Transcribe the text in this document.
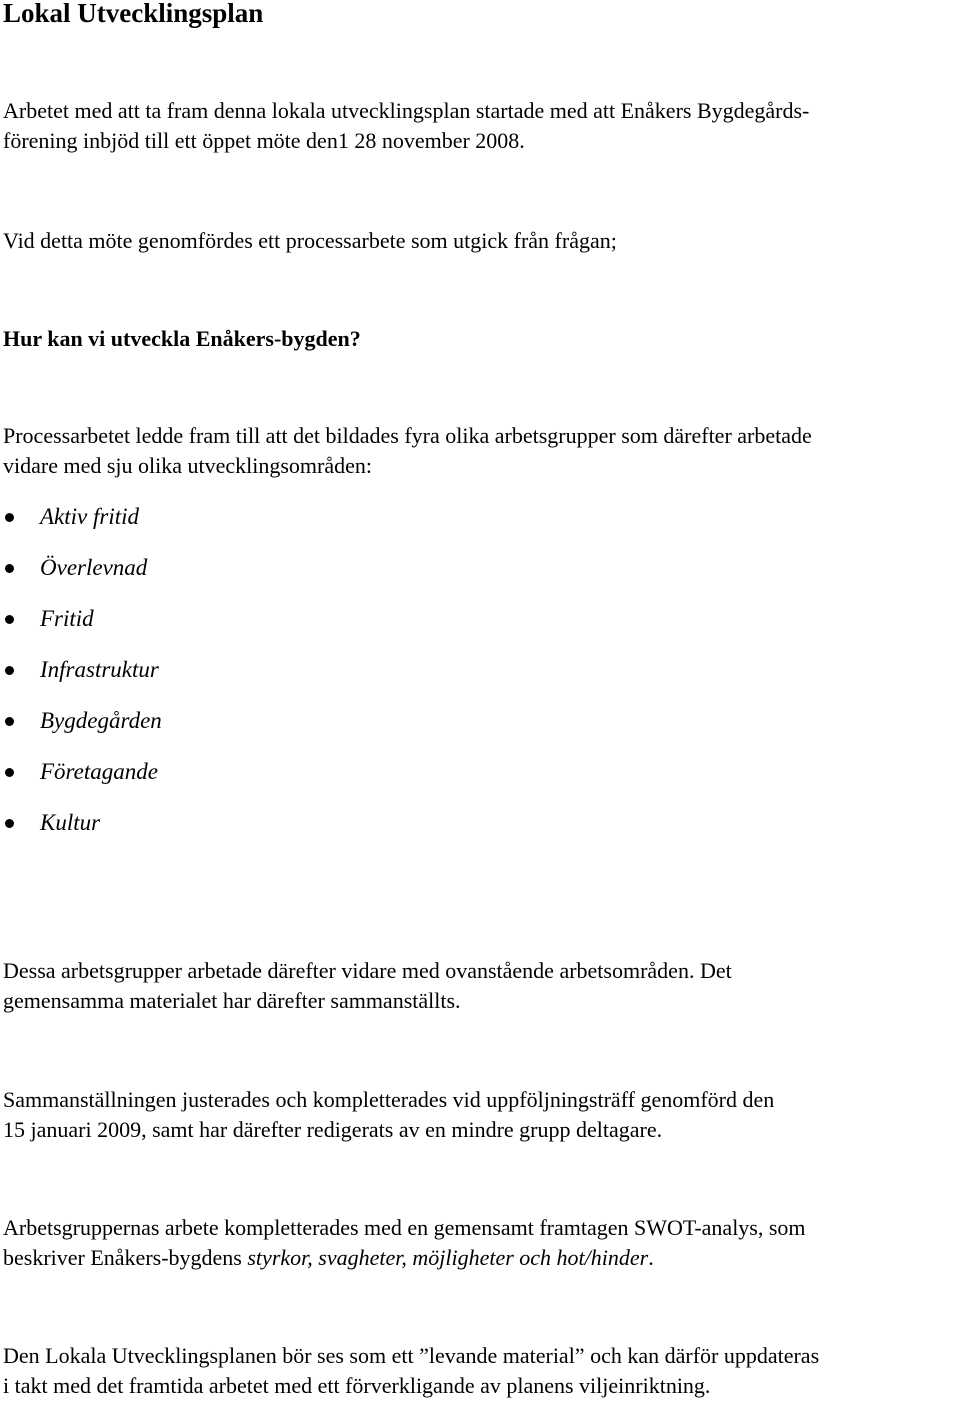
Lokal Utvecklingsplan
Arbetet med att ta fram denna lokala utvecklingsplan startade med att Enåkers Bygdegårds-
förening inbjöd till ett öppet möte den1 28 november 2008.
Vid detta möte genomfördes ett processarbete som utgick från frågan;
Hur kan vi utveckla Enåkers-bygden?
Processarbetet ledde fram till att det bildades fyra olika arbetsgrupper som därefter arbetade
vidare med sju olika utvecklingsområden:
Aktiv fritid
Överlevnad
Fritid
Infrastruktur
Bygdegården
Företagande
Kultur
Dessa arbetsgrupper arbetade därefter vidare med ovanstående arbetsområden. Det
gemensamma materialet har därefter sammanställts.
Sammanställningen justerades och kompletterades vid uppföljningsträff genomförd den
15 januari 2009, samt har därefter redigerats av en mindre grupp deltagare.
Arbetsgruppernas arbete kompletterades med en gemensamt framtagen SWOT-analys, som
beskriver Enåkers-bygdens styrkor, svagheter, möjligheter och hot/hinder.
Den Lokala Utvecklingsplanen bör ses som ett ”levande material” och kan därför uppdateras
i takt med det framtida arbetet med ett förverkligande av planens viljeinriktning.
